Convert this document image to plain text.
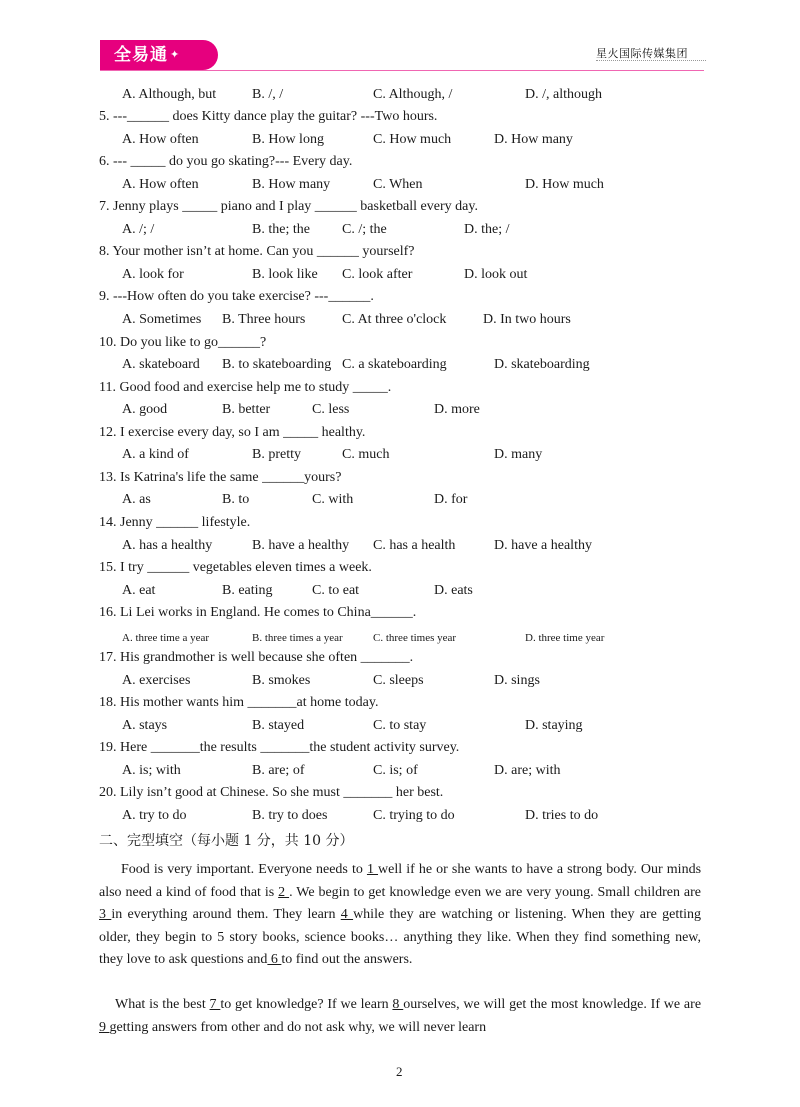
全易通 ✦	星火国际传媒集团
A. Although, but	B. /, /	C. Although, /	D. /, although
5. ---______ does Kitty dance play the guitar? ---Two hours.
A. How often	B. How long	C. How much	D. How many
6. --- _____ do you go skating?--- Every day.
A. How often	B. How many	C. When	D. How much
7. Jenny plays _____ piano and I play ______ basketball every day.
A. /; /	B. the; the C. /; the	D. the; /
8. Your mother isn’t at home. Can you ______ yourself?
A. look for	B. look like C. look after	D. look out
9. ---How often do you take exercise? ---______.
A. Sometimes B. Three hours	C. At three o'clock	D. In two hours
10. Do you like to go______?
A. skateboard B. to skateboarding C. a skateboarding	D. skateboarding
11. Good food and exercise help me to study _____.
A. good	B. better	C. less	D. more
12. I exercise every day, so I am _____ healthy.
A. a kind of	B. pretty	C. much	D. many
13. Is Katrina's life the same ______yours?
A. as	B. to	C. with	D. for
14. Jenny ______ lifestyle.
A. has a healthy	B. have a healthy C. has a health	D. have a healthy
15. I try ______ vegetables eleven times a week.
A. eat	B. eating	C. to eat	D. eats
16. Li Lei works in England. He comes to China______.
A. three time a year	B. three times a year	C. three times year	D. three time year
17. His grandmother is well because she often _______.
A. exercises	B. smokes	C. sleeps	D. sings
18. His mother wants him _______at home today.
A. stays	B. stayed	C. to stay	D. staying
19. Here _______the results _______the student activity survey.
A. is; with	B. are; of	C. is; of	D. are; with
20. Lily isn’t good at Chinese. So she must _______ her best.
A. try to do	B. try to does	C. trying to do	D. tries to do
二、完型填空（每小题 1 分，共 10 分）
Food is very important. Everyone needs to 1 well if he or she wants to have a strong body. Our minds also need a kind of food that is 2 . We begin to get knowledge even we are very young. Small children are 3 in everything around them. They learn 4 while they are watching or listening. When they are getting older, they begin to 5 story books, science books… anything they like. When they find something new, they love to ask questions and 6 to find out the answers.
What is the best 7 to get knowledge? If we learn 8 ourselves, we will get the most knowledge. If we are 9 getting answers from other and do not ask why, we will never learn
2
